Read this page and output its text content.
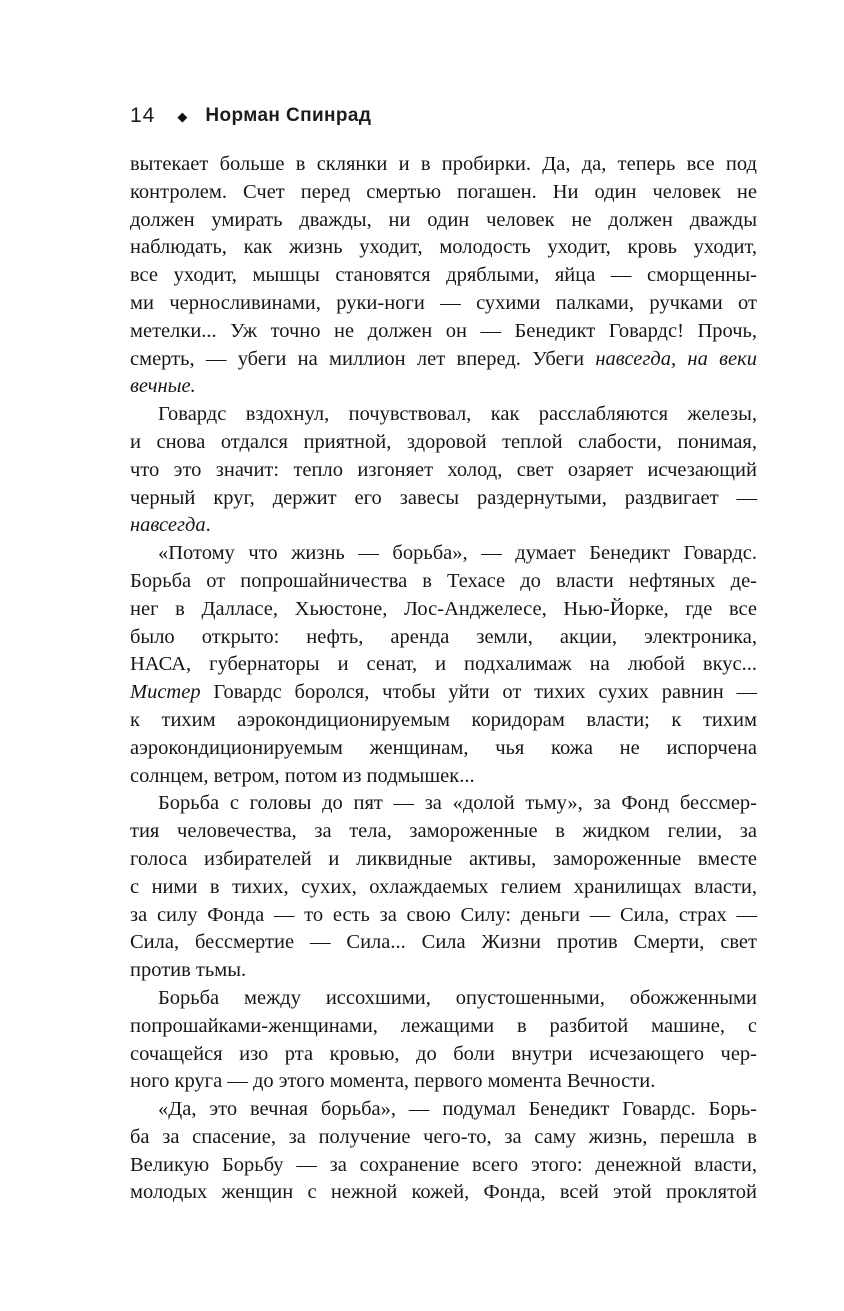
14 ◆ Норман Спинрад
вытекает больше в склянки и в пробирки. Да, да, теперь все под
контролем. Счет перед смертью погашен. Ни один человек не
должен умирать дважды, ни один человек не должен дважды
наблюдать, как жизнь уходит, молодость уходит, кровь уходит,
все уходит, мышцы становятся дряблыми, яйца — сморщенны-
ми черносливинами, руки-ноги — сухими палками, ручками от
метелки... Уж точно не должен он — Бенедикт Говардс! Прочь,
смерть, — убеги на миллион лет вперед. Убеги навсегда, на веки
вечные.
Говардс вздохнул, почувствовал, как расслабляются железы,
и снова отдался приятной, здоровой теплой слабости, понимая,
что это значит: тепло изгоняет холод, свет озаряет исчезающий
черный круг, держит его завесы раздернутыми, раздвигает —
навсегда.
«Потому что жизнь — борьба», — думает Бенедикт Говардс.
Борьба от попрошайничества в Техасе до власти нефтяных де-
нег в Далласе, Хьюстоне, Лос-Анджелесе, Нью-Йорке, где все
было открыто: нефть, аренда земли, акции, электроника,
НАСА, губернаторы и сенат, и подхалимаж на любой вкус...
Мистер Говардс боролся, чтобы уйти от тихих сухих равнин —
к тихим аэрокондиционируемым коридорам власти; к тихим
аэрокондиционируемым женщинам, чья кожа не испорчена
солнцем, ветром, потом из подмышек...
Борьба с головы до пят — за «долой тьму», за Фонд бессмер-
тия человечества, за тела, замороженные в жидком гелии, за
голоса избирателей и ликвидные активы, замороженные вместе
с ними в тихих, сухих, охлаждаемых гелием хранилищах власти,
за силу Фонда — то есть за свою Силу: деньги — Сила, страх —
Сила, бессмертие — Сила... Сила Жизни против Смерти, свет
против тьмы.
Борьба между иссохшими, опустошенными, обожженными
попрошайками-женщинами, лежащими в разбитой машине, с
сочащейся изо рта кровью, до боли внутри исчезающего чер-
ного круга — до этого момента, первого момента Вечности.
«Да, это вечная борьба», — подумал Бенедикт Говардс. Борь-
ба за спасение, за получение чего-то, за саму жизнь, перешла в
Великую Борьбу — за сохранение всего этого: денежной власти,
молодых женщин с нежной кожей, Фонда, всей этой проклятой
